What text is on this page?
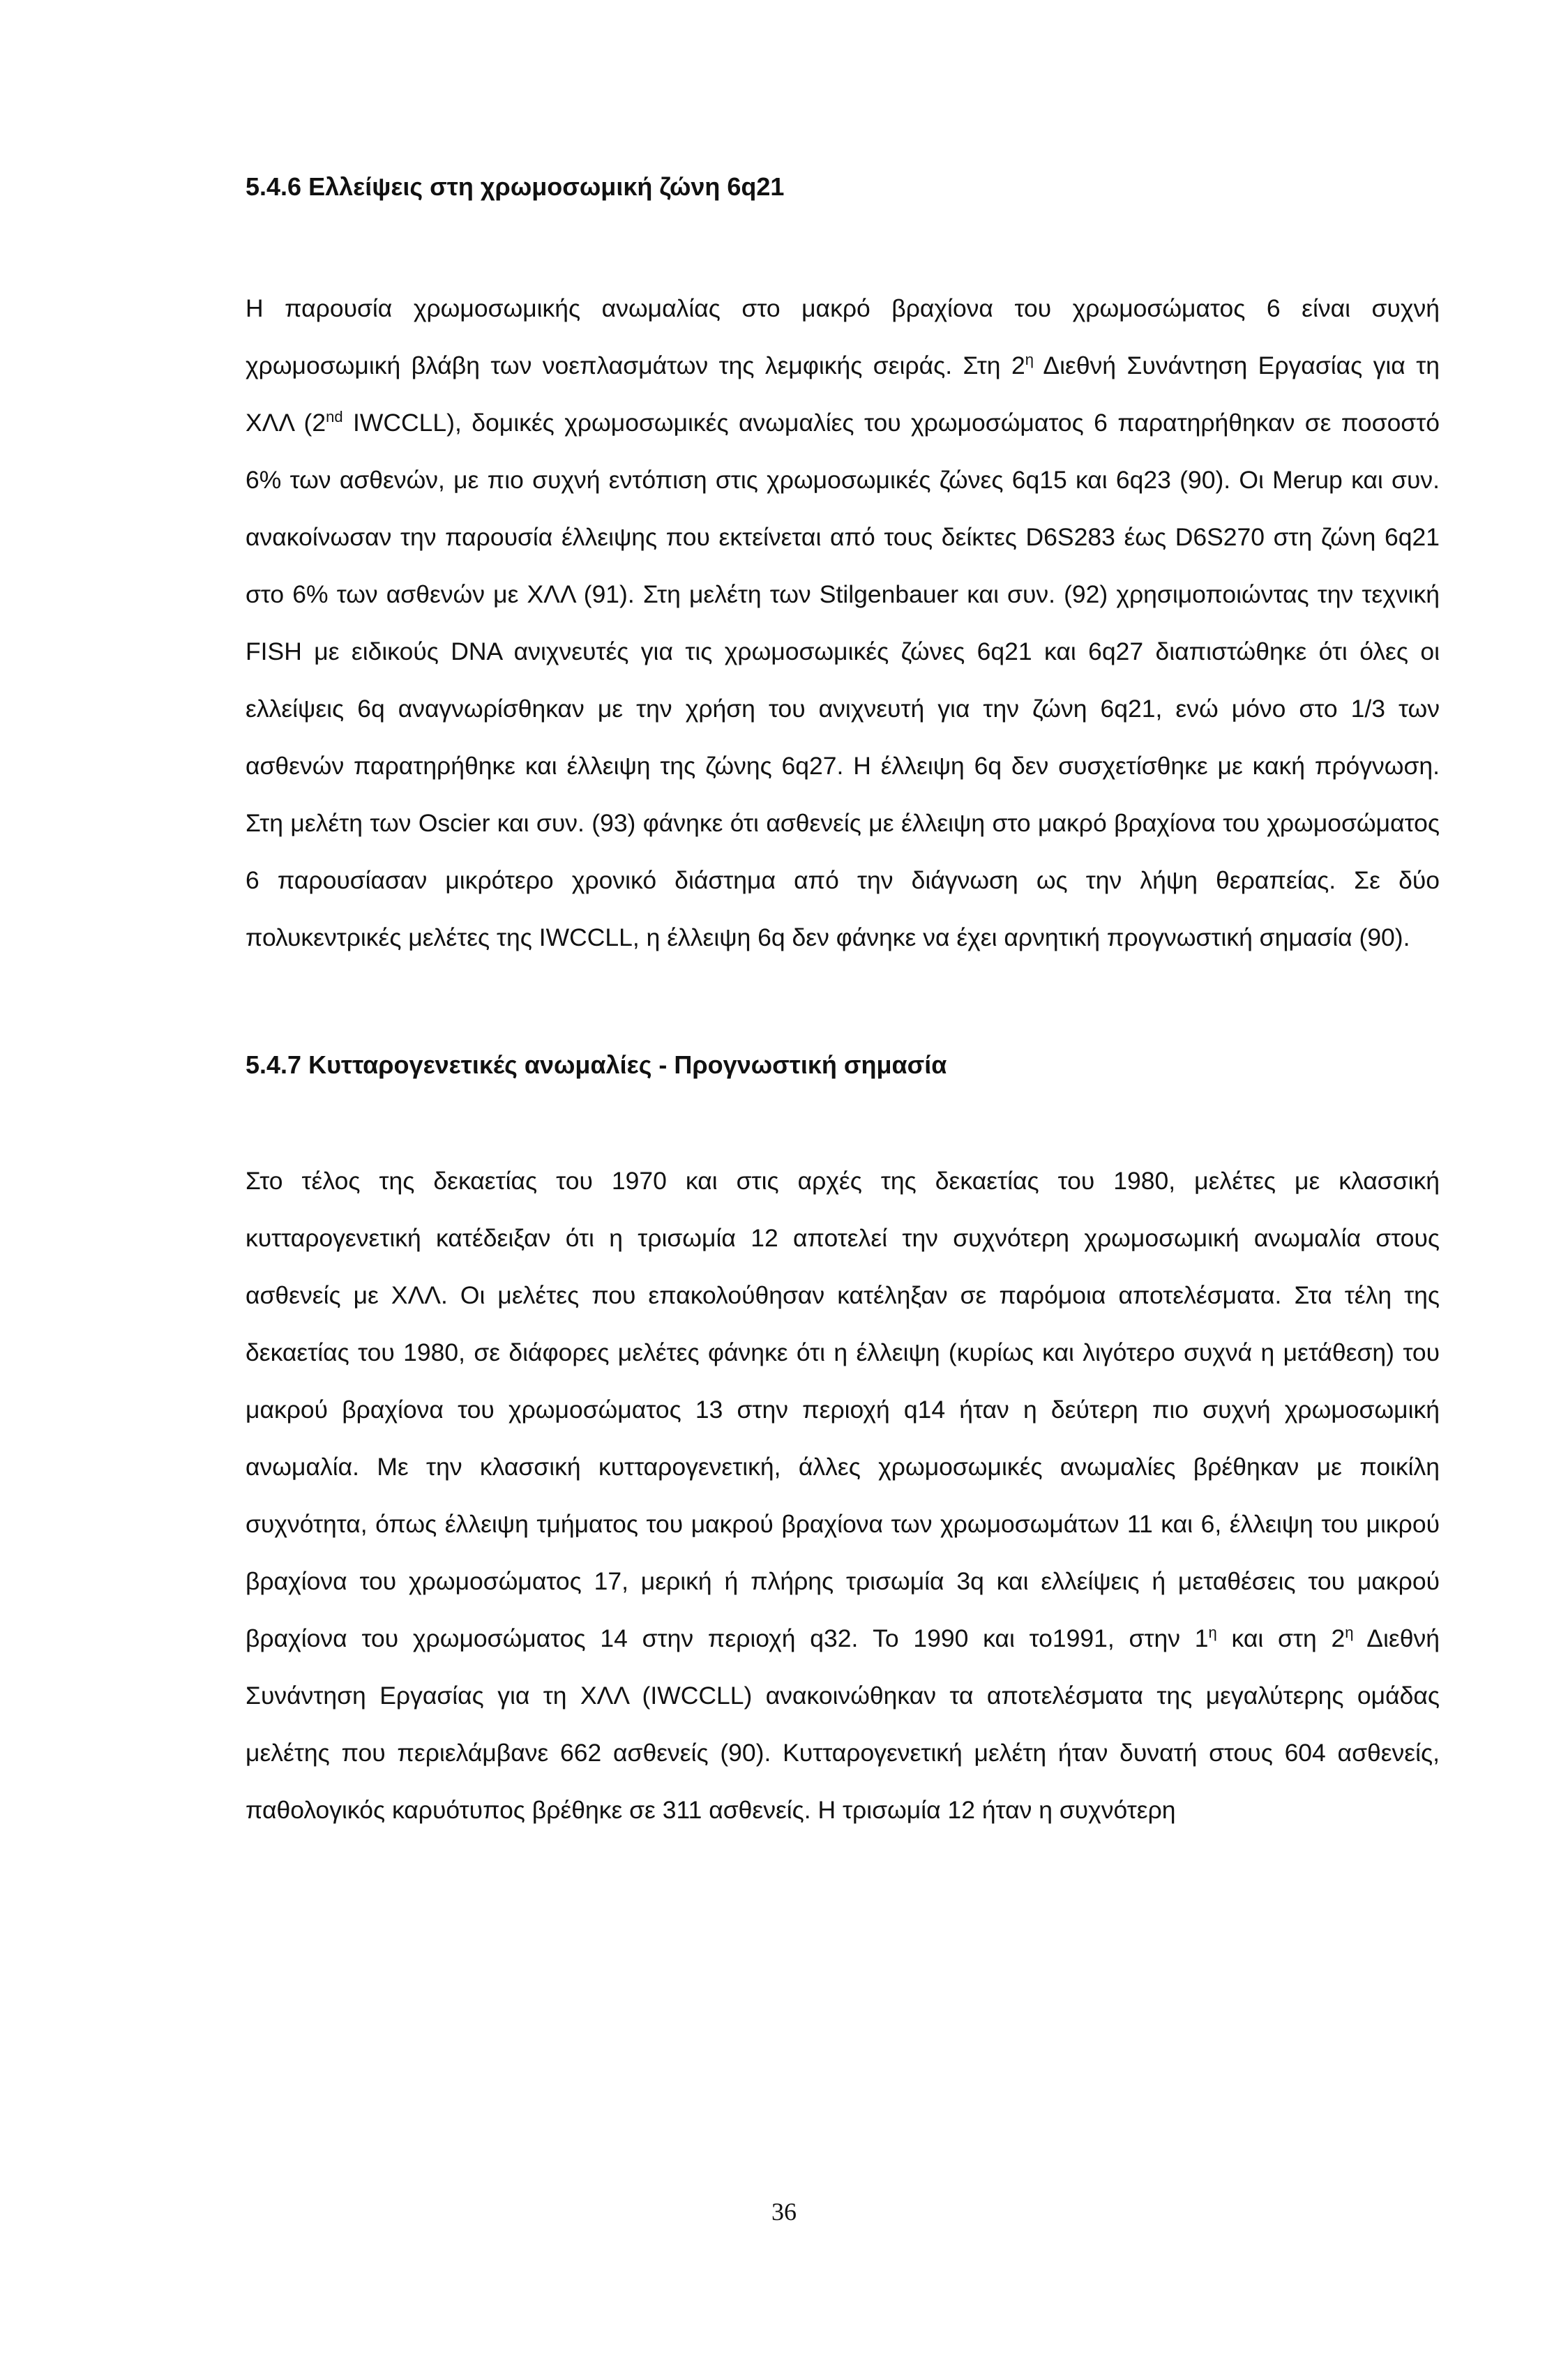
5.4.6 Ελλείψεις στη χρωμοσωμική ζώνη 6q21

Η παρουσία χρωμοσωμικής ανωμαλίας στο μακρό βραχίονα του χρωμοσώματος 6 είναι συχνή χρωμοσωμική βλάβη των νοεπλασμάτων της λεμφικής σειράς. Στη $2^\eta$ Διεθνή Συνάντηση Εργασίας για τη ΧΛΛ (2nd IWCCLL), δομικές χρωμοσωμικές ανωμαλίες του χρωμοσώματος 6 παρατηρήθηκαν σε ποσοστό 6% των ασθενών, με πιο συχνή εντόπιση στις χρωμοσωμικές ζώνες 6q15 και 6q23 (90). Οι Merup και συν. ανακοίνωσαν την παρουσία έλλειψης που εκτείνεται από τους δείκτες D6S283 έως D6S270 στη ζώνη 6q21 στο 6% των ασθενών με ΧΛΛ (91). Στη μελέτη των Stilgenbauer και συν. (92) χρησιμοποιώντας την τεχνική FISH με ειδικούς DNA ανιχνευτές για τις χρωμοσωμικές ζώνες 6q21 και 6q27 διαπιστώθηκε ότι όλες οι ελλείψεις 6q αναγνωρίσθηκαν με την χρήση του ανιχνευτή για την ζώνη 6q21, ενώ μόνο στο 1/3 των ασθενών παρατηρήθηκε και έλλειψη της ζώνης 6q27. Η έλλειψη 6q δεν συσχετίσθηκε με κακή πρόγνωση. Στη μελέτη των Oscier και συν. (93) φάνηκε ότι ασθενείς με έλλειψη στο μακρό βραχίονα του χρωμοσώματος 6 παρουσίασαν μικρότερο χρονικό διάστημα από την διάγνωση ως την λήψη θεραπείας. Σε δύο πολυκεντρικές μελέτες της IWCCLL, η έλλειψη 6q δεν φάνηκε να έχει αρνητική προγνωστική σημασία (90).

5.4.7 Κυτταρογενετικές ανωμαλίες - Προγνωστική σημασία

Στο τέλος της δεκαετίας του 1970 και στις αρχές της δεκαετίας του 1980, μελέτες με κλασσική κυτταρογενετική κατέδειξαν ότι η τρισωμία 12 αποτελεί την συχνότερη χρωμοσωμική ανωμαλία στους ασθενείς με ΧΛΛ. Οι μελέτες που επακολούθησαν κατέληξαν σε παρόμοια αποτελέσματα. Στα τέλη της δεκαετίας του 1980, σε διάφορες μελέτες φάνηκε ότι η έλλειψη (κυρίως και λιγότερο συχνά η μετάθεση) του μακρού βραχίονα του χρωμοσώματος 13 στην περιοχή q14 ήταν η δεύτερη πιο συχνή χρωμοσωμική ανωμαλία. Με την κλασσική κυτταρογενετική, άλλες χρωμοσωμικές ανωμαλίες βρέθηκαν με ποικίλη συχνότητα, όπως έλλειψη τμήματος του μακρού βραχίονα των χρωμοσωμάτων 11 και 6, έλλειψη του μικρού βραχίονα του χρωμοσώματος 17, μερική ή πλήρης τρισωμία 3q και ελλείψεις ή μεταθέσεις του μακρού βραχίονα του χρωμοσώματος 14 στην περιοχή q32. Το 1990 και το1991, στην $1^\eta$ και στη $2^\eta$ Διεθνή Συνάντηση Εργασίας για τη ΧΛΛ (IWCCLL) ανακοινώθηκαν τα αποτελέσματα της μεγαλύτερης ομάδας μελέτης που περιελάμβανε 662 ασθενείς (90). Κυτταρογενετική μελέτη ήταν δυνατή στους 604 ασθενείς, παθολογικός καρυότυπος βρέθηκε σε 311 ασθενείς. Η τρισωμία 12 ήταν η συχνότερη

36
